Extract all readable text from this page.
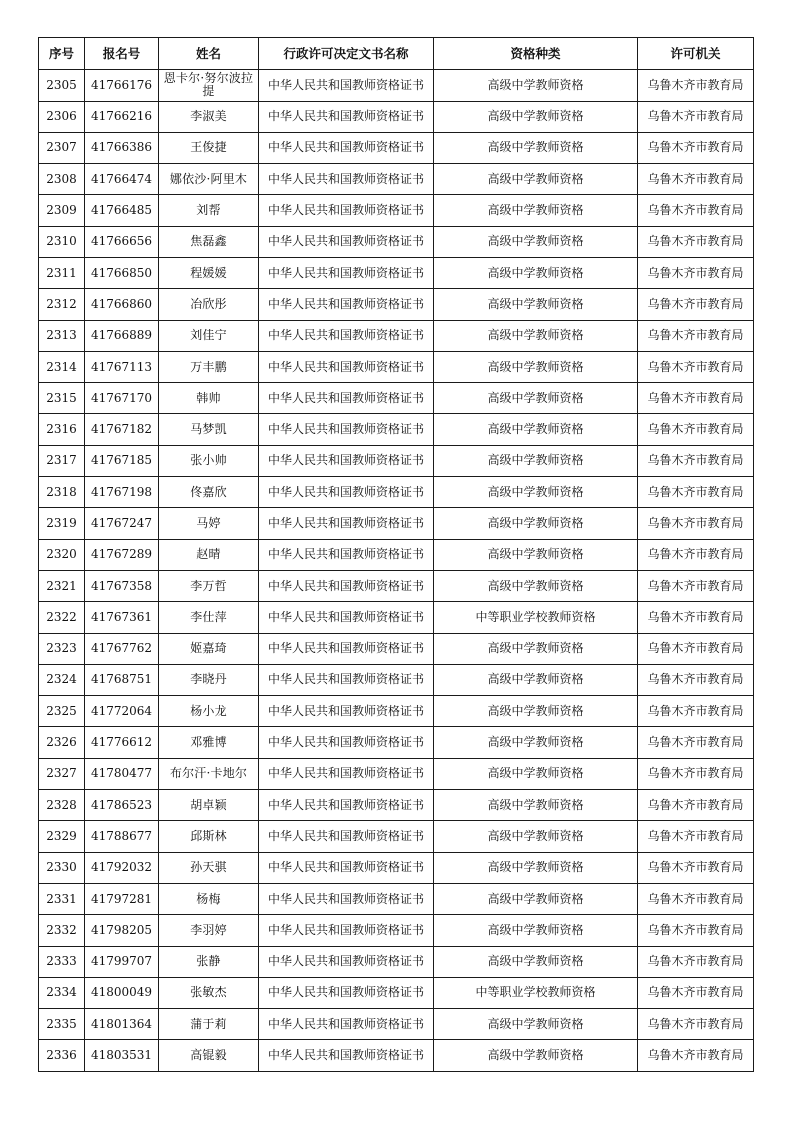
序号	报名号	姓名	行政许可决定文书名称	资格种类	许可机关
2305	41766176	恩卡尔·努尔波拉提	中华人民共和国教师资格证书	高级中学教师资格	乌鲁木齐市教育局
2306	41766216	李淑美	中华人民共和国教师资格证书	高级中学教师资格	乌鲁木齐市教育局
2307	41766386	王俊捷	中华人民共和国教师资格证书	高级中学教师资格	乌鲁木齐市教育局
2308	41766474	娜依沙·阿里木	中华人民共和国教师资格证书	高级中学教师资格	乌鲁木齐市教育局
2309	41766485	刘帮	中华人民共和国教师资格证书	高级中学教师资格	乌鲁木齐市教育局
2310	41766656	焦磊鑫	中华人民共和国教师资格证书	高级中学教师资格	乌鲁木齐市教育局
2311	41766850	程媛媛	中华人民共和国教师资格证书	高级中学教师资格	乌鲁木齐市教育局
2312	41766860	冶欣彤	中华人民共和国教师资格证书	高级中学教师资格	乌鲁木齐市教育局
2313	41766889	刘佳宁	中华人民共和国教师资格证书	高级中学教师资格	乌鲁木齐市教育局
2314	41767113	万丰鹏	中华人民共和国教师资格证书	高级中学教师资格	乌鲁木齐市教育局
2315	41767170	韩帅	中华人民共和国教师资格证书	高级中学教师资格	乌鲁木齐市教育局
2316	41767182	马梦凯	中华人民共和国教师资格证书	高级中学教师资格	乌鲁木齐市教育局
2317	41767185	张小帅	中华人民共和国教师资格证书	高级中学教师资格	乌鲁木齐市教育局
2318	41767198	佟嘉欣	中华人民共和国教师资格证书	高级中学教师资格	乌鲁木齐市教育局
2319	41767247	马婷	中华人民共和国教师资格证书	高级中学教师资格	乌鲁木齐市教育局
2320	41767289	赵晴	中华人民共和国教师资格证书	高级中学教师资格	乌鲁木齐市教育局
2321	41767358	李万哲	中华人民共和国教师资格证书	高级中学教师资格	乌鲁木齐市教育局
2322	41767361	李仕萍	中华人民共和国教师资格证书	中等职业学校教师资格	乌鲁木齐市教育局
2323	41767762	姬嘉琦	中华人民共和国教师资格证书	高级中学教师资格	乌鲁木齐市教育局
2324	41768751	李晓丹	中华人民共和国教师资格证书	高级中学教师资格	乌鲁木齐市教育局
2325	41772064	杨小龙	中华人民共和国教师资格证书	高级中学教师资格	乌鲁木齐市教育局
2326	41776612	邓雅博	中华人民共和国教师资格证书	高级中学教师资格	乌鲁木齐市教育局
2327	41780477	布尔汗·卡地尔	中华人民共和国教师资格证书	高级中学教师资格	乌鲁木齐市教育局
2328	41786523	胡卓颖	中华人民共和国教师资格证书	高级中学教师资格	乌鲁木齐市教育局
2329	41788677	邱斯林	中华人民共和国教师资格证书	高级中学教师资格	乌鲁木齐市教育局
2330	41792032	孙天骐	中华人民共和国教师资格证书	高级中学教师资格	乌鲁木齐市教育局
2331	41797281	杨梅	中华人民共和国教师资格证书	高级中学教师资格	乌鲁木齐市教育局
2332	41798205	李羽婷	中华人民共和国教师资格证书	高级中学教师资格	乌鲁木齐市教育局
2333	41799707	张静	中华人民共和国教师资格证书	高级中学教师资格	乌鲁木齐市教育局
2334	41800049	张敏杰	中华人民共和国教师资格证书	中等职业学校教师资格	乌鲁木齐市教育局
2335	41801364	蒲于莉	中华人民共和国教师资格证书	高级中学教师资格	乌鲁木齐市教育局
2336	41803531	高锟毅	中华人民共和国教师资格证书	高级中学教师资格	乌鲁木齐市教育局
